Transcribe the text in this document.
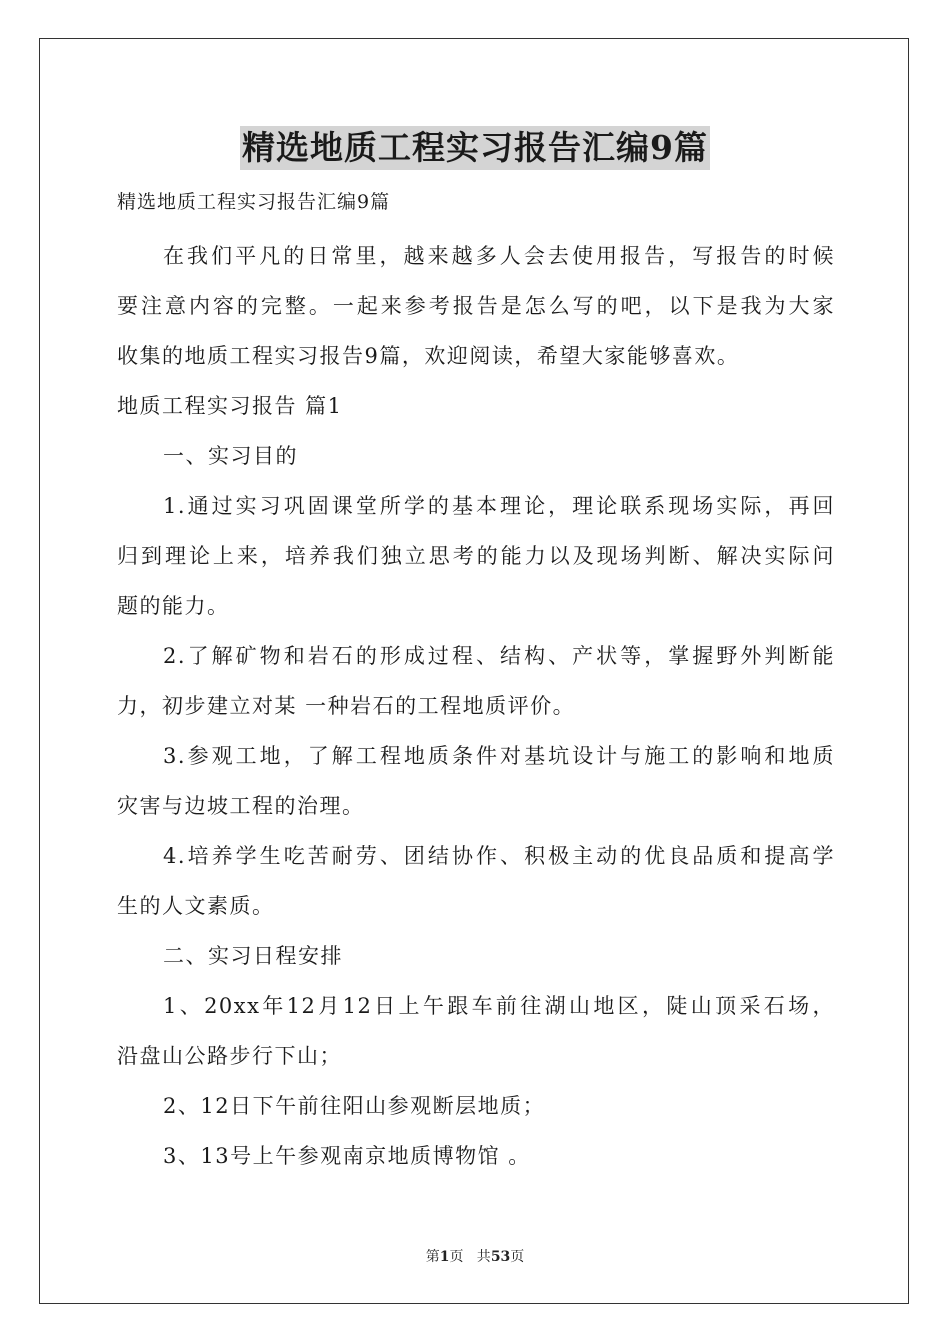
精选地质工程实习报告汇编9篇

精选地质工程实习报告汇编9篇

在我们平凡的日常里，越来越多人会去使用报告，写报告的时候

要注意内容的完整。一起来参考报告是怎么写的吧，以下是我为大家

收集的地质工程实习报告9篇，欢迎阅读，希望大家能够喜欢。

地质工程实习报告 篇1

一、实习目的

1.通过实习巩固课堂所学的基本理论，理论联系现场实际，再回

归到理论上来，培养我们独立思考的能力以及现场判断、解决实际问

题的能力。

2.了解矿物和岩石的形成过程、结构、产状等，掌握野外判断能

力，初步建立对某 一种岩石的工程地质评价。

3.参观工地，了解工程地质条件对基坑设计与施工的影响和地质

灾害与边坡工程的治理。

4.培养学生吃苦耐劳、团结协作、积极主动的优良品质和提高学

生的人文素质。

二、实习日程安排

1、20xx年12月12日上午跟车前往湖山地区，陡山顶采石场，

沿盘山公路步行下山；

2、12日下午前往阳山参观断层地质；

3、13号上午参观南京地质博物馆 。

第1页   共53页
